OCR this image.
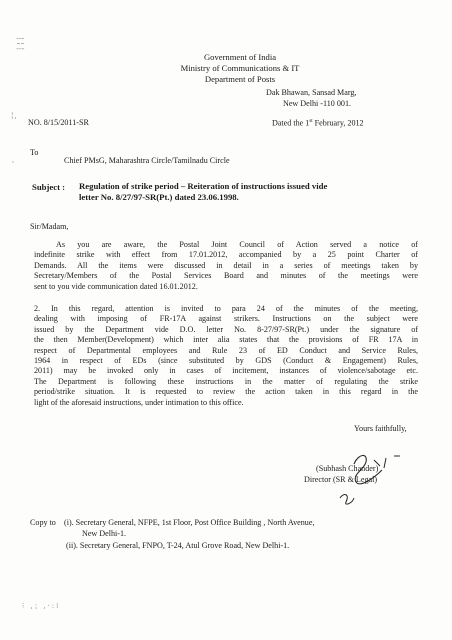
┆╎┆
╎,
'
⁝ ,⁏ ,·:⁞
Government of India
Ministry of Communications & IT
Department of Posts
Dak Bhawan, Sansad Marg,
New Delhi -110 001.
NO. 8/15/2011-SR	Dated the 1st February, 2012
To
Chief PMsG, Maharashtra Circle/Tamilnadu Circle
Subject : Regulation of strike period – Reiteration of instructions issued vide
letter No. 8/27/97-SR(Pt.) dated 23.06.1998.
Sir/Madam,
As you are aware, the Postal Joint Council of Action served a notice of
indefinite strike with effect from 17.01.2012, accompanied by a 25 point Charter of
Demands. All the items were discussed in detail in a series of meetings taken by
Secretary/Members of the Postal Services Board and minutes of the meetings were
sent to you vide communication dated 16.01.2012.
2. In this regard, attention is invited to para 24 of the minutes of the meeting,
dealing with imposing of FR-17A against strikers. Instructions on the subject were
issued by the Department vide D.O. letter No. 8-27/97-SR(Pt.) under the signature of
the then Member(Development) which inter alia states that the provisions of FR 17A in
respect of Departmental employees and Rule 23 of ED Conduct and Service Rules,
1964 in respect of EDs (since substituted by GDS (Conduct & Engagement) Rules,
2011) may be invoked only in cases of incitement, instances of violence/sabotage etc.
The Department is following these instructions in the matter of regulating the strike
period/strike situation. It is requested to review the action taken in this regard in the
light of the aforesaid instructions, under intimation to this office.
Yours faithfully,
(Subhash Chander)
Director (SR & Legal)
Copy to (i). Secretary General, NFPE, 1st Floor, Post Office Building , North Avenue,
New Delhi-1.
(ii). Secretary General, FNPO, T-24, Atul Grove Road, New Delhi-1.
